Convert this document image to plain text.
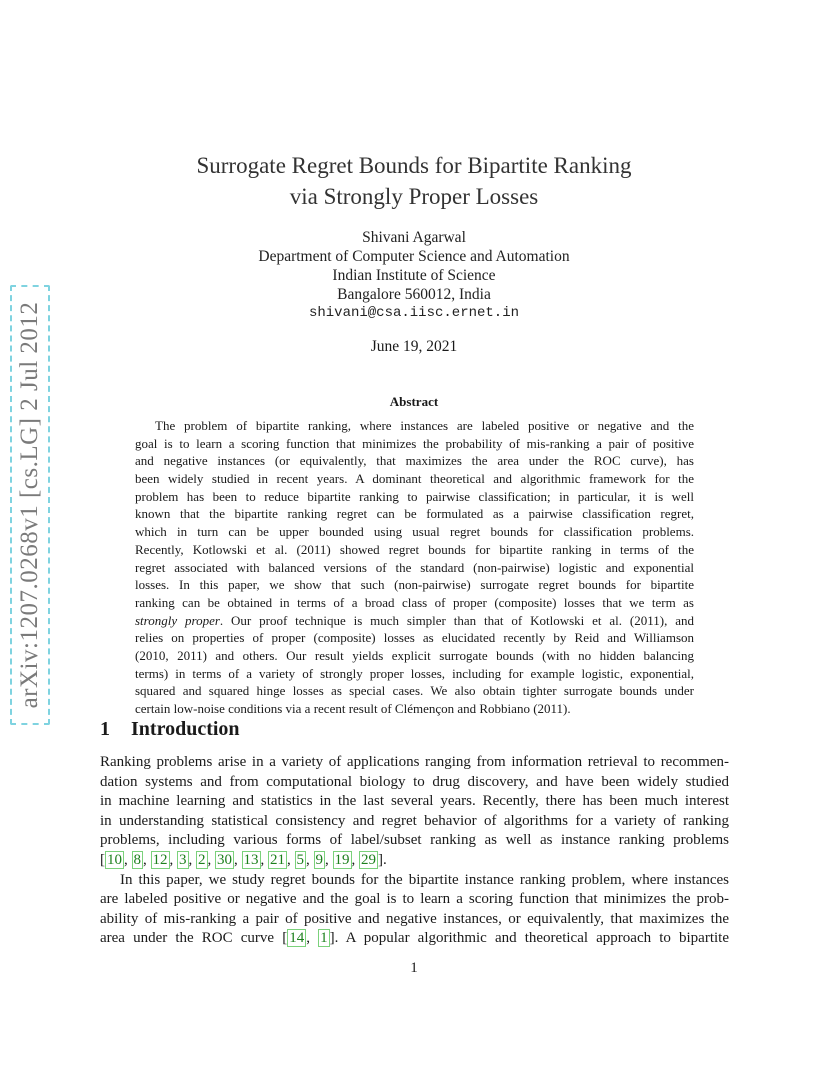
arXiv:1207.0268v1 [cs.LG] 2 Jul 2012
Surrogate Regret Bounds for Bipartite Ranking
via Strongly Proper Losses
Shivani Agarwal
Department of Computer Science and Automation
Indian Institute of Science
Bangalore 560012, India
shivani@csa.iisc.ernet.in
June 19, 2021
Abstract
The problem of bipartite ranking, where instances are labeled positive or negative and the
goal is to learn a scoring function that minimizes the probability of mis-ranking a pair of positive
and negative instances (or equivalently, that maximizes the area under the ROC curve), has
been widely studied in recent years. A dominant theoretical and algorithmic framework for the
problem has been to reduce bipartite ranking to pairwise classification; in particular, it is well
known that the bipartite ranking regret can be formulated as a pairwise classification regret,
which in turn can be upper bounded using usual regret bounds for classification problems.
Recently, Kotlowski et al. (2011) showed regret bounds for bipartite ranking in terms of the
regret associated with balanced versions of the standard (non-pairwise) logistic and exponential
losses. In this paper, we show that such (non-pairwise) surrogate regret bounds for bipartite
ranking can be obtained in terms of a broad class of proper (composite) losses that we term as
strongly proper. Our proof technique is much simpler than that of Kotlowski et al. (2011), and
relies on properties of proper (composite) losses as elucidated recently by Reid and Williamson
(2010, 2011) and others. Our result yields explicit surrogate bounds (with no hidden balancing
terms) in terms of a variety of strongly proper losses, including for example logistic, exponential,
squared and squared hinge losses as special cases. We also obtain tighter surrogate bounds under
certain low-noise conditions via a recent result of Clémençon and Robbiano (2011).
1 Introduction
Ranking problems arise in a variety of applications ranging from information retrieval to recommen-
dation systems and from computational biology to drug discovery, and have been widely studied
in machine learning and statistics in the last several years. Recently, there has been much interest
in understanding statistical consistency and regret behavior of algorithms for a variety of ranking
problems, including various forms of label/subset ranking as well as instance ranking problems
[ 10 , 8 , 12 , 3 , 2 , 30 , 13 , 21 , 5 , 9 , 19 , 29 ].
In this paper, we study regret bounds for the bipartite instance ranking problem, where instances
are labeled positive or negative and the goal is to learn a scoring function that minimizes the prob-
ability of mis-ranking a pair of positive and negative instances, or equivalently, that maximizes the
area under the ROC curve [ 14 , 1 ]. A popular algorithmic and theoretical approach to bipartite
1
